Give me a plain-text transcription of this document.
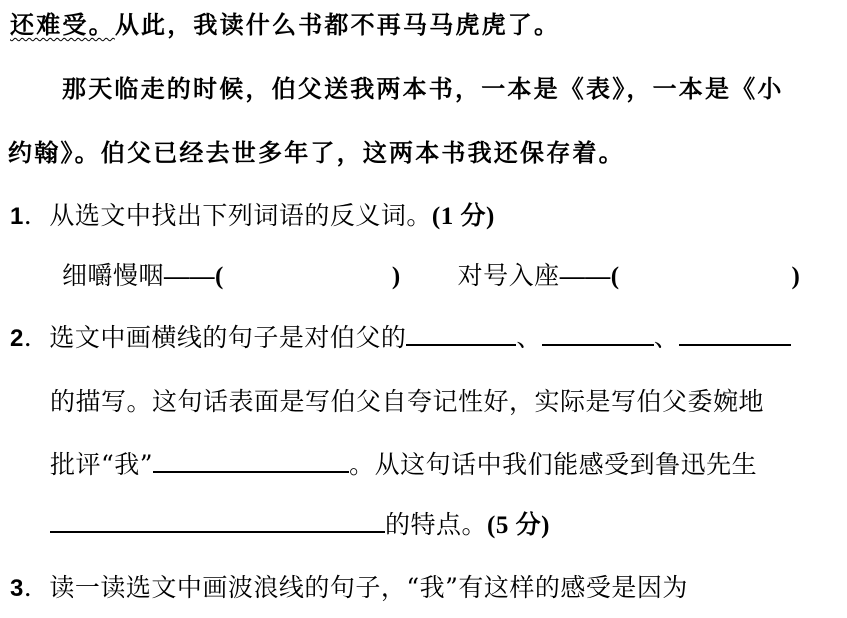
还难受。从此，我读什么书都不再马马虎虎了。
那天临走的时候，伯父送我两本书，一本是《表》，一本是《小
约翰》。伯父已经去世多年了，这两本书我还保存着。
1．从选文中找出下列词语的反义词。(1 分)
细嚼慢咽——(	) 对号入座——(	)
2．选文中画横线的句子是对伯父的	、	、
的描写。这句话表面是写伯父自夸记性好，实际是写伯父委婉地
批评“我”	。从这句话中我们能感受到鲁迅先生
的特点。(5 分)
3．读一读选文中画波浪线的句子，“我”有这样的感受是因为
